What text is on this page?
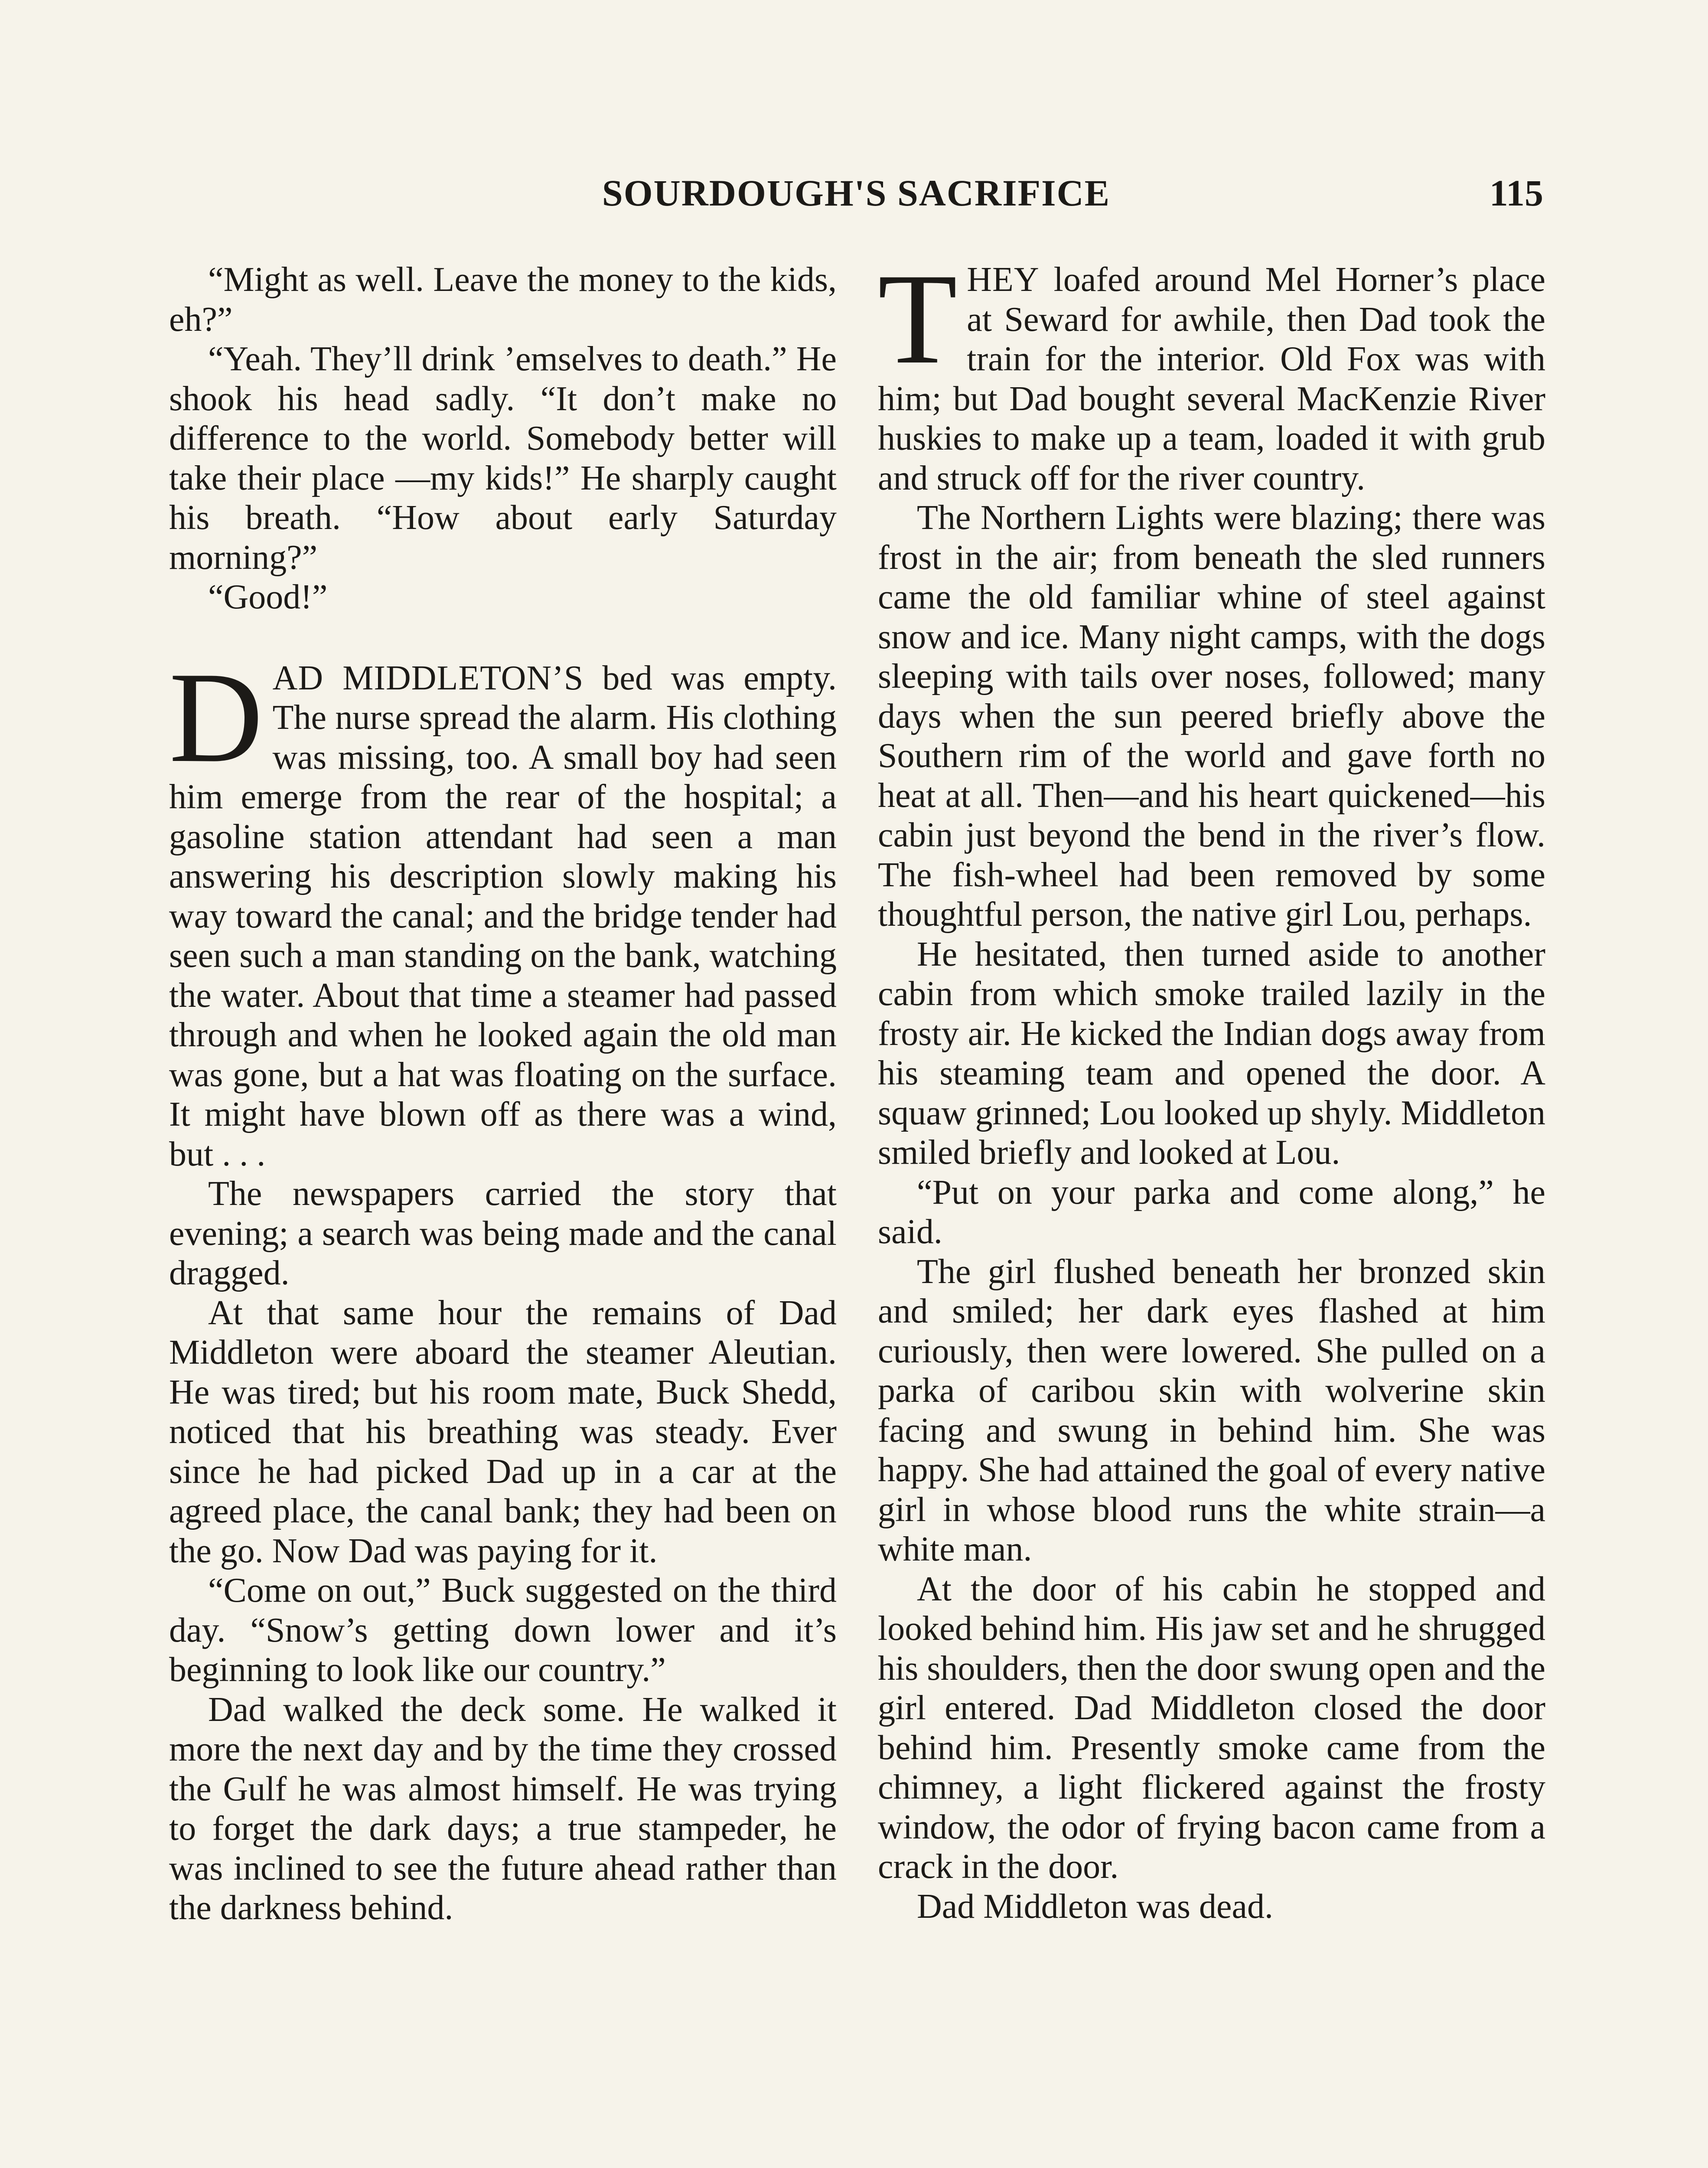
SOURDOUGH'S SACRIFICE	115

“Might as well. Leave the money to the kids, eh?”

“Yeah. They’ll drink ’emselves to death.” He shook his head sadly. “It don’t make no difference to the world. Somebody better will take their place —my kids!” He sharply caught his breath. “How about early Saturday morning?”

“Good!”

DAD MIDDLETON’S bed was empty. The nurse spread the alarm. His clothing was missing, too. A small boy had seen him emerge from the rear of the hospital; a gasoline station attendant had seen a man answering his description slowly making his way toward the canal; and the bridge tender had seen such a man standing on the bank, watching the water. About that time a steamer had passed through and when he looked again the old man was gone, but a hat was floating on the surface. It might have blown off as there was a wind, but . . .

The newspapers carried the story that evening; a search was being made and the canal dragged.

At that same hour the remains of Dad Middleton were aboard the steamer Aleutian. He was tired; but his room mate, Buck Shedd, noticed that his breathing was steady. Ever since he had picked Dad up in a car at the agreed place, the canal bank; they had been on the go. Now Dad was paying for it.

“Come on out,” Buck suggested on the third day. “Snow’s getting down lower and it’s beginning to look like our country.”

Dad walked the deck some. He walked it more the next day and by the time they crossed the Gulf he was almost himself. He was trying to forget the dark days; a true stampeder, he was inclined to see the future ahead rather than the darkness behind.

THEY loafed around Mel Horner’s place at Seward for awhile, then Dad took the train for the interior. Old Fox was with him; but Dad bought several MacKenzie River huskies to make up a team, loaded it with grub and struck off for the river country.

The Northern Lights were blazing; there was frost in the air; from beneath the sled runners came the old familiar whine of steel against snow and ice. Many night camps, with the dogs sleeping with tails over noses, followed; many days when the sun peered briefly above the Southern rim of the world and gave forth no heat at all. Then—and his heart quickened—his cabin just beyond the bend in the river’s flow. The fish-wheel had been removed by some thoughtful person, the native girl Lou, perhaps.

He hesitated, then turned aside to another cabin from which smoke trailed lazily in the frosty air. He kicked the Indian dogs away from his steaming team and opened the door. A squaw grinned; Lou looked up shyly. Middleton smiled briefly and looked at Lou.

“Put on your parka and come along,” he said.

The girl flushed beneath her bronzed skin and smiled; her dark eyes flashed at him curiously, then were lowered. She pulled on a parka of caribou skin with wolverine skin facing and swung in behind him. She was happy. She had attained the goal of every native girl in whose blood runs the white strain—a white man.

At the door of his cabin he stopped and looked behind him. His jaw set and he shrugged his shoulders, then the door swung open and the girl entered. Dad Middleton closed the door behind him. Presently smoke came from the chimney, a light flickered against the frosty window, the odor of frying bacon came from a crack in the door.

Dad Middleton was dead.
